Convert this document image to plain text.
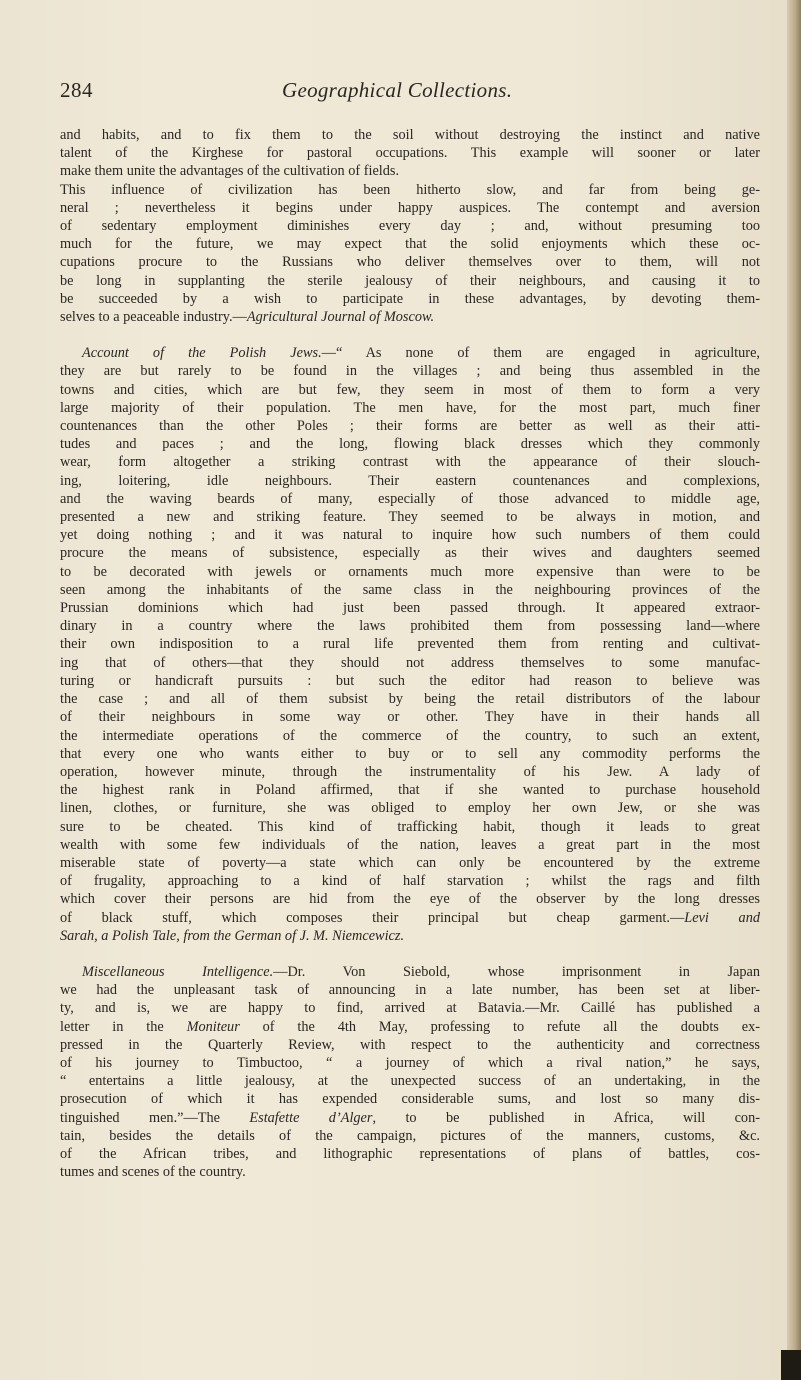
284	Geographical Collections.

and habits, and to fix them to the soil without destroying the instinct and native
talent of the Kirghese for pastoral occupations. This example will sooner or later
make them unite the advantages of the cultivation of fields.

This influence of civilization has been hitherto slow, and far from being ge-
neral ; nevertheless it begins under happy auspices. The contempt and aversion
of sedentary employment diminishes every day ; and, without presuming too
much for the future, we may expect that the solid enjoyments which these oc-
cupations procure to the Russians who deliver themselves over to them, will not
be long in supplanting the sterile jealousy of their neighbours, and causing it to
be succeeded by a wish to participate in these advantages, by devoting them-
selves to a peaceable industry.—Agricultural Journal of Moscow.

Account of the Polish Jews.—“ As none of them are engaged in agriculture,
they are but rarely to be found in the villages ; and being thus assembled in the
towns and cities, which are but few, they seem in most of them to form a very
large majority of their population. The men have, for the most part, much finer
countenances than the other Poles ; their forms are better as well as their atti-
tudes and paces ; and the long, flowing black dresses which they commonly
wear, form altogether a striking contrast with the appearance of their slouch-
ing, loitering, idle neighbours. Their eastern countenances and complexions,
and the waving beards of many, especially of those advanced to middle age,
presented a new and striking feature. They seemed to be always in motion, and
yet doing nothing ; and it was natural to inquire how such numbers of them could
procure the means of subsistence, especially as their wives and daughters seemed
to be decorated with jewels or ornaments much more expensive than were to be
seen among the inhabitants of the same class in the neighbouring provinces of the
Prussian dominions which had just been passed through. It appeared extraor-
dinary in a country where the laws prohibited them from possessing land—where
their own indisposition to a rural life prevented them from renting and cultivat-
ing that of others—that they should not address themselves to some manufac-
turing or handicraft pursuits : but such the editor had reason to believe was
the case ; and all of them subsist by being the retail distributors of the labour
of their neighbours in some way or other. They have in their hands all
the intermediate operations of the commerce of the country, to such an extent,
that every one who wants either to buy or to sell any commodity performs the
operation, however minute, through the instrumentality of his Jew. A lady of
the highest rank in Poland affirmed, that if she wanted to purchase household
linen, clothes, or furniture, she was obliged to employ her own Jew, or she was
sure to be cheated. This kind of trafficking habit, though it leads to great
wealth with some few individuals of the nation, leaves a great part in the most
miserable state of poverty—a state which can only be encountered by the extreme
of frugality, approaching to a kind of half starvation ; whilst the rags and filth
which cover their persons are hid from the eye of the observer by the long dresses
of black stuff, which composes their principal but cheap garment.—Levi and
Sarah, a Polish Tale, from the German of J. M. Niemcewicz.

Miscellaneous Intelligence.—Dr. Von Siebold, whose imprisonment in Japan
we had the unpleasant task of announcing in a late number, has been set at liber-
ty, and is, we are happy to find, arrived at Batavia.—Mr. Caillé has published a
letter in the Moniteur of the 4th May, professing to refute all the doubts ex-
pressed in the Quarterly Review, with respect to the authenticity and correctness
of his journey to Timbuctoo, “ a journey of which a rival nation,” he says,
“ entertains a little jealousy, at the unexpected success of an undertaking, in the
prosecution of which it has expended considerable sums, and lost so many dis-
tinguished men.”—The Estafette d’Alger, to be published in Africa, will con-
tain, besides the details of the campaign, pictures of the manners, customs, &c.
of the African tribes, and lithographic representations of plans of battles, cos-
tumes and scenes of the country.
